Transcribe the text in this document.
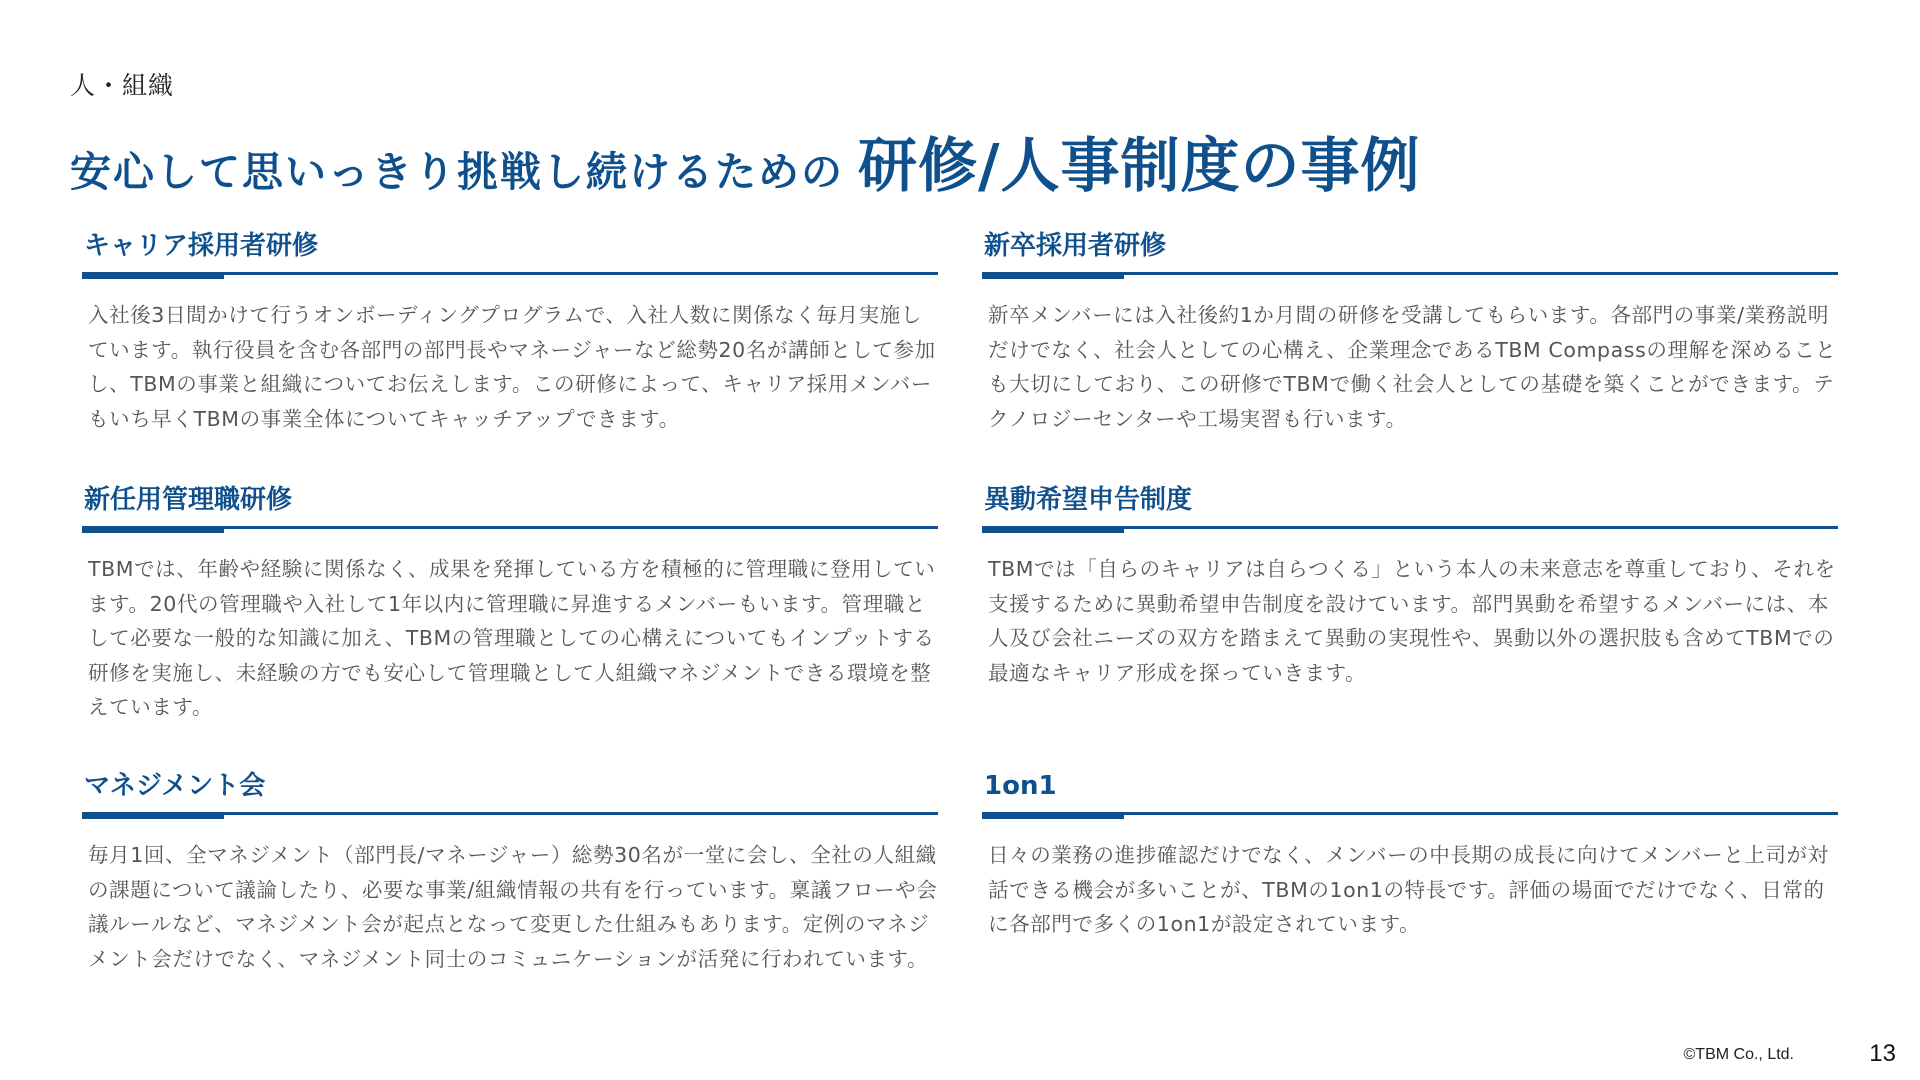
人・組織
安心して思いっきり挑戦し続けるための 研修/人事制度の事例
キャリア採用者研修
入社後3日間かけて行うオンボーディングプログラムで、入社人数に関係なく毎月実施しています。執行役員を含む各部門の部門長やマネージャーなど総勢20名が講師として参加し、TBMの事業と組織についてお伝えします。この研修によって、キャリア採用メンバーもいち早くTBMの事業全体についてキャッチアップできます。
新卒採用者研修
新卒メンバーには入社後約1か月間の研修を受講してもらいます。各部門の事業/業務説明だけでなく、社会人としての心構え、企業理念であるTBM Compassの理解を深めることも大切にしており、この研修でTBMで働く社会人としての基礎を築くことができます。テクノロジーセンターや工場実習も行います。
新任用管理職研修
TBMでは、年齢や経験に関係なく、成果を発揮している方を積極的に管理職に登用しています。20代の管理職や入社して1年以内に管理職に昇進するメンバーもいます。管理職として必要な一般的な知識に加え、TBMの管理職としての心構えについてもインプットする研修を実施し、未経験の方でも安心して管理職として人組織マネジメントできる環境を整えています。
異動希望申告制度
TBMでは「自らのキャリアは自らつくる」という本人の未来意志を尊重しており、それを支援するために異動希望申告制度を設けています。部門異動を希望するメンバーには、本人及び会社ニーズの双方を踏まえて異動の実現性や、異動以外の選択肢も含めてTBMでの最適なキャリア形成を探っていきます。
マネジメント会
毎月1回、全マネジメント（部門長/マネージャー）総勢30名が一堂に会し、全社の人組織の課題について議論したり、必要な事業/組織情報の共有を行っています。稟議フローや会議ルールなど、マネジメント会が起点となって変更した仕組みもあります。定例のマネジメント会だけでなく、マネジメント同士のコミュニケーションが活発に行われています。
1on1
日々の業務の進捗確認だけでなく、メンバーの中長期の成長に向けてメンバーと上司が対話できる機会が多いことが、TBMの1on1の特長です。評価の場面でだけでなく、日常的に各部門で多くの1on1が設定されています。
©TBM Co., Ltd.	13
